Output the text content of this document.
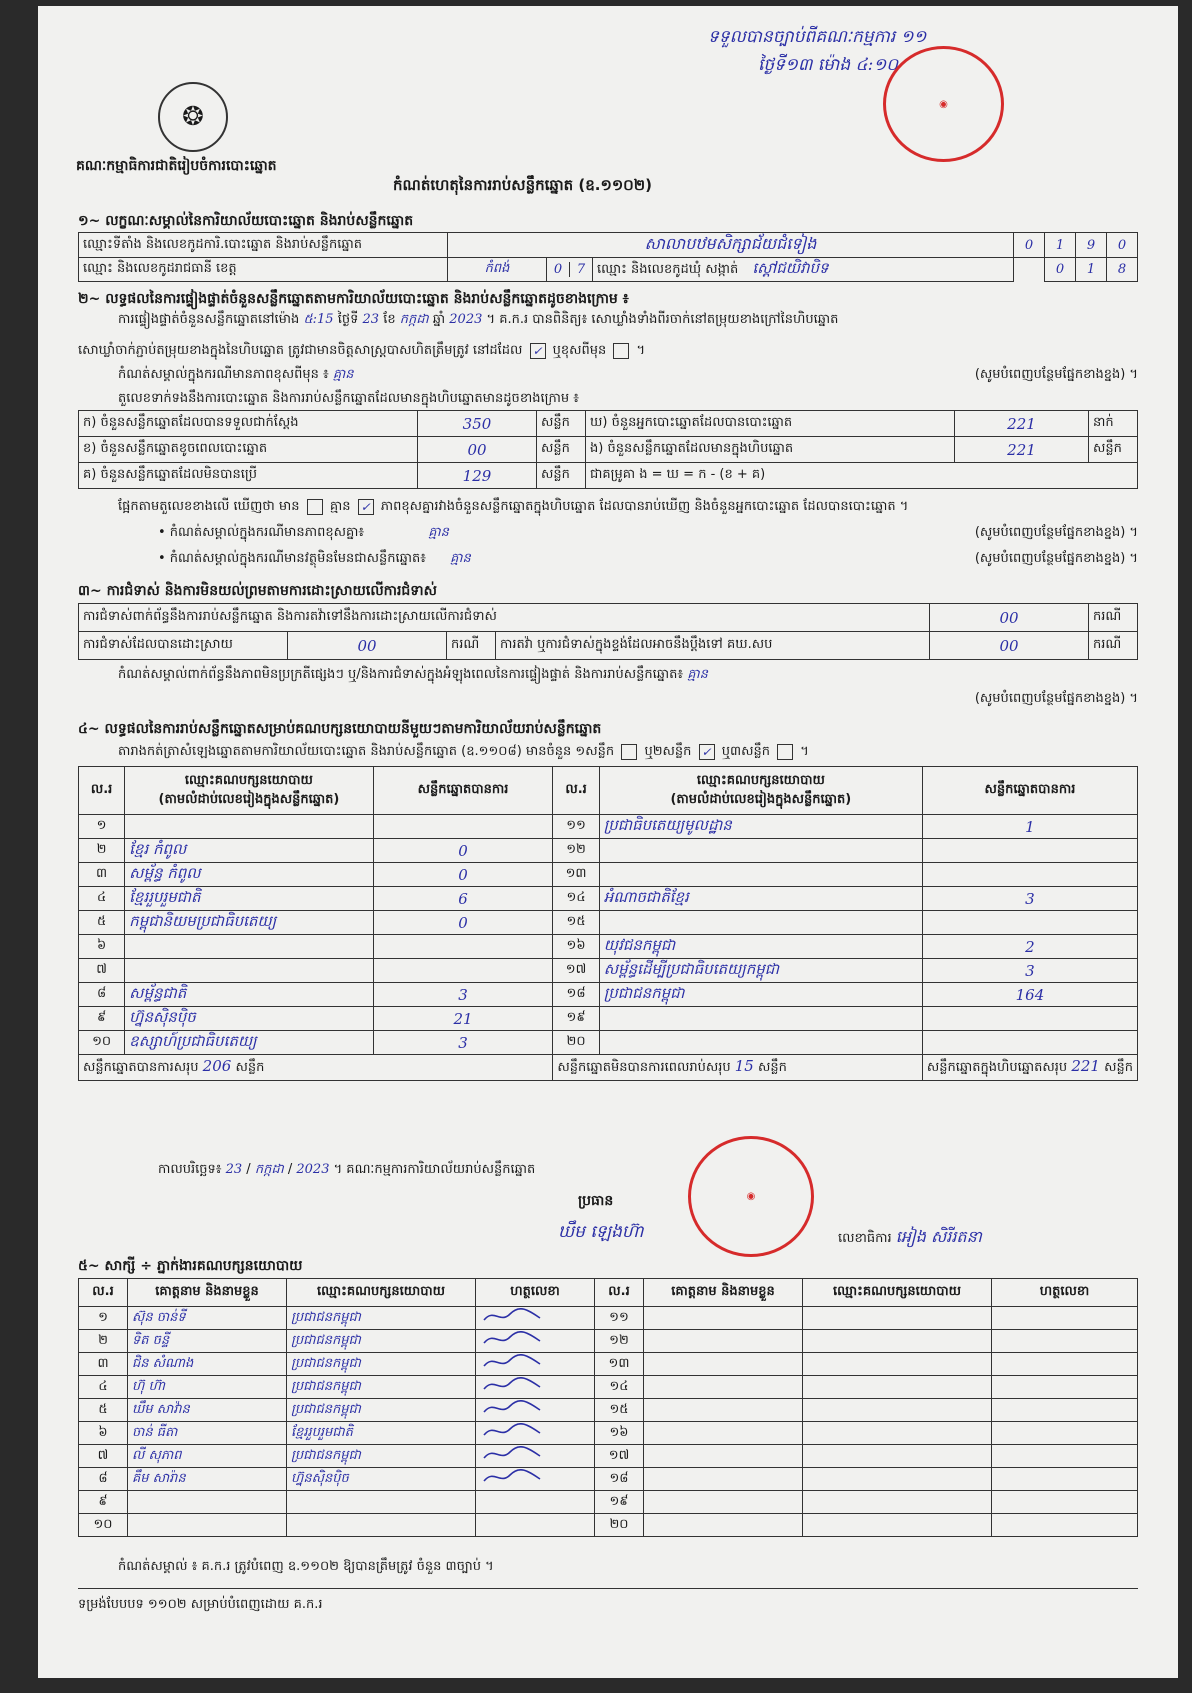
ទទួលបានច្បាប់ពីគណៈកម្មការ ១១
ថ្ងៃទី១៣ ម៉ោង ៤:១០
◉
❂
គណៈកម្មាធិការជាតិរៀបចំការបោះឆ្នោត
កំណត់ហេតុនៃការរាប់សន្លឹកឆ្នោត (ឧ.១១០២)
១~ លក្ខណៈសម្គាល់នៃការិយាល័យបោះឆ្នោត និងរាប់សន្លឹកឆ្នោត
ឈ្មោះទីតាំង និងលេខកូដការិ.បោះឆ្នោត និងរាប់សន្លឹកឆ្នោត	សាលាបឋមសិក្សាជ័យជំទៀង			0	1	9	0
ឈ្មោះ និងលេខកូដរាជធានី ខេត្ត	កំពង់	0 7	ឈ្មោះ និងលេខកូដឃុំ សង្កាត់ ស្ដៅជយិវាបិទ		0	1	8
២~ លទ្ធផលនៃការផ្ទៀងផ្ទាត់ចំនួនសន្លឹកឆ្នោតតាមការិយាល័យបោះឆ្នោត និងរាប់សន្លឹកឆ្នោតដូចខាងក្រោម ៖
ការផ្ទៀងផ្ទាត់ចំនួនសន្លឹកឆ្នោតនៅម៉ោង ៥:15 ថ្ងៃទី 23 ខែ កក្កដា ឆ្នាំ 2023 ។ គ.ក.រ បានពិនិត្យ៖ សោឃ្លាំងទាំងពីរចាក់នៅតម្រុយខាងក្រៅនៃហិបឆ្នោត
សោឃ្លាំចាក់ភ្ជាប់តម្រុយខាងក្នុងនៃហិបឆ្នោត ត្រូវជាមានចិត្តសាស្រ្តបាសហិតត្រឹមត្រូវ នៅដដែល ✓ ឬខុសពីមុន  ។
កំណត់សម្គាល់ក្នុងករណីមានភាពខុសពីមុន ៖ គ្មាន	(សូមបំពេញបន្ថែមផ្នែកខាងខ្នង) ។
តួលេខទាក់ទងនឹងការបោះឆ្នោត និងការរាប់សន្លឹកឆ្នោតដែលមានក្នុងហិបឆ្នោតមានដូចខាងក្រោម ៖
ក) ចំនួនសន្លឹកឆ្នោតដែលបានទទួលជាក់ស្ដែង	350	សន្លឹក	ឃ) ចំនួនអ្នកបោះឆ្នោតដែលបានបោះឆ្នោត	221	នាក់
ខ) ចំនួនសន្លឹកឆ្នោតខូចពេលបោះឆ្នោត	00	សន្លឹក	ង) ចំនួនសន្លឹកឆ្នោតដែលមានក្នុងហិបឆ្នោត	221	សន្លឹក
គ) ចំនួនសន្លឹកឆ្នោតដែលមិនបានប្រើ	129	សន្លឹក	ជាគម្រូគា ង = ឃ = ក - (ខ + គ)		
ផ្អែកតាមតួលេខខាងលើ ឃើញថា មាន គ្មាន ✓ ភាពខុសគ្នារវាងចំនួនសន្លឹកឆ្នោតក្នុងហិបឆ្នោត ដែលបានរាប់ឃើញ និងចំនួនអ្នកបោះឆ្នោត ដែលបានបោះឆ្នោត ។
• កំណត់សម្គាល់ក្នុងករណីមានភាពខុសគ្នា៖	គ្មាន	(សូមបំពេញបន្ថែមផ្នែកខាងខ្នង) ។
• កំណត់សម្គាល់ក្នុងករណីមានវត្ថុមិនមែនជាសន្លឹកឆ្នោត៖ គ្មាន	(សូមបំពេញបន្ថែមផ្នែកខាងខ្នង) ។
៣~ ការជំទាស់ និងការមិនយល់ព្រមតាមការដោះស្រាយលើការជំទាស់
ការជំទាស់ពាក់ព័ន្ធនឹងការរាប់សន្លឹកឆ្នោត និងការតវ៉ាទៅនឹងការដោះស្រាយលើការជំទាស់				00	ករណី
ការជំទាស់ដែលបានដោះស្រាយ	00	ករណី	ការតវ៉ា ឬការជំទាស់ក្នុងខ្ទង់ដែលអាចនឹងប្ដឹងទៅ គឃ.សប	00	ករណី
កំណត់សម្គាល់ពាក់ព័ន្ធនឹងភាពមិនប្រក្រតីផ្សេងៗ ឬ/និងការជំទាស់ក្នុងអំឡុងពេលនៃការផ្ទៀងផ្ទាត់ និងការរាប់សន្លឹកឆ្នោត៖ គ្មាន
(សូមបំពេញបន្ថែមផ្នែកខាងខ្នង) ។
៤~ លទ្ធផលនៃការរាប់សន្លឹកឆ្នោតសម្រាប់គណបក្សនយោបាយនីមួយៗតាមការិយាល័យរាប់សន្លឹកឆ្នោត
តារាងកត់ត្រាសំឡេងឆ្នោតតាមការិយាល័យបោះឆ្នោត និងរាប់សន្លឹកឆ្នោត (ឧ.១១០៨) មានចំនួន ១សន្លឹក ឬ២សន្លឹក ✓ ឬ៣សន្លឹក  ។
ល.រ	ឈ្មោះគណបក្សនយោបាយ
(តាមលំដាប់លេខរៀងក្នុងសន្លឹកឆ្នោត)	សន្លឹកឆ្នោតបានការ	ល.រ	ឈ្មោះគណបក្សនយោបាយ
(តាមលំដាប់លេខរៀងក្នុងសន្លឹកឆ្នោត)	សន្លឹកឆ្នោតបានការ
១			១១	ប្រជាធិបតេយ្យមូលដ្ឋាន	1
២	ខ្មែរ កំពូល	0	១២		
៣	សម្ព័ន្ធ កំពូល	0	១៣		
៤	ខ្មែររួបរួមជាតិ	6	១៤	អំណាចជាតិខ្មែរ	3
៥	កម្ពុជានិយមប្រជាធិបតេយ្យ	0	១៥		
៦			១៦	យុវជនកម្ពុជា	2
៧			១៧	សម្ព័ន្ធដើម្បីប្រជាធិបតេយ្យកម្ពុជា	3
៨	សម្ព័ន្ធជាតិ	3	១៨	ប្រជាជនកម្ពុជា	164
៩	ហ្វ៊ុនស៊ិនប៉ិច	21	១៩		
១០	ឧស្សាហ៍ប្រជាធិបតេយ្យ	3	២០		
សន្លឹកឆ្នោតបានការសរុប 206 សន្លឹក			សន្លឹកឆ្នោតមិនបានការពេលរាប់សរុប 15 សន្លឹក		សន្លឹកឆ្នោតក្នុងហិបឆ្នោតសរុប 221 សន្លឹក
កាលបរិច្ឆេទ៖ 23 / កក្កដា / 2023 ។ គណៈកម្មការការិយាល័យរាប់សន្លឹកឆ្នោត
◉
ប្រធាន
ឃឹម ឡេងហ៊ា	លេខាធិការ អៀង សិរីរតនា
៥~ សាក្សី ÷ ភ្នាក់ងារគណបក្សនយោបាយ
ល.រ	គោត្តនាម និងនាមខ្លួន	ឈ្មោះគណបក្សនយោបាយ	ហត្ថលេខា	ល.រ	គោត្តនាម និងនាមខ្លួន	ឈ្មោះគណបក្សនយោបាយ	ហត្ថលេខា
១	ស៊ុន ចាន់ទី	ប្រជាជនកម្ពុជា		១១			
២	ទិត ចន្ទី	ប្រជាជនកម្ពុជា		១២			
៣	ជិន សំណាង	ប្រជាជនកម្ពុជា		១៣			
៤	ហ៊ុ ហ៊ា	ប្រជាជនកម្ពុជា		១៤			
៥	ឃឹម សាវ៉ាន	ប្រជាជនកម្ពុជា		១៥			
៦	ចាន់ ធីតា	ខ្មែររួបរួមជាតិ		១៦			
៧	លី សុភាព	ប្រជាជនកម្ពុជា		១៧			
៨	គឹម សារ៉ាន	ហ្វ៊ុនស៊ិនប៉ិច		១៨			
៩				១៩			
១០				២០			
កំណត់សម្គាល់ ៖ គ.ក.រ ត្រូវបំពេញ ឧ.១១០២ ឱ្យបានត្រឹមត្រូវ ចំនួន ៣ច្បាប់ ។
ទម្រង់បែបបទ ១១០២ សម្រាប់បំពេញដោយ គ.ក.រ
